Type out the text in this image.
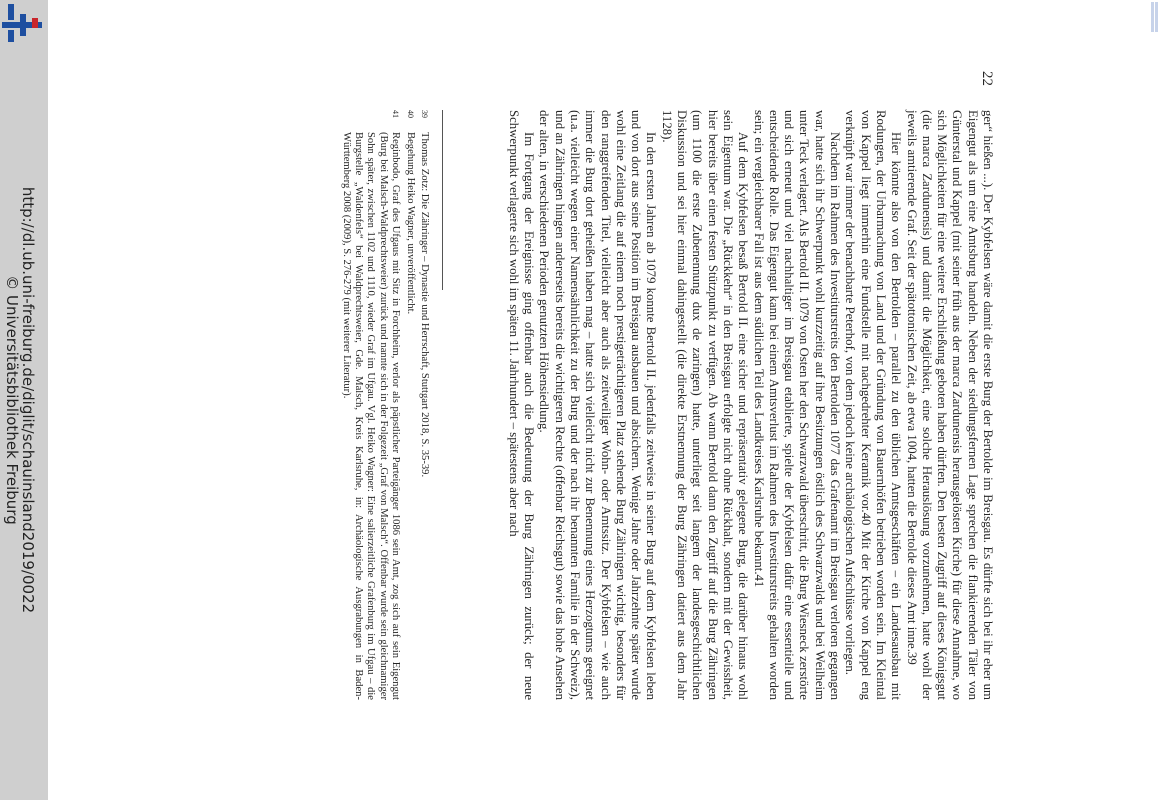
http://dl.ub.uni-freiburg.de/diglit/schauinsland2019/0022
© Universitätsbibliothek Freiburg
22

ger“ hießen ...). Der Kybfelsen wäre damit die erste Burg der Bertolde im Breisgau. Es dürfte sich bei ihr eher um Eigengut als um eine Amtsburg handeln. Neben der siedlungsfernen Lage sprechen die flankierenden Täler von Günterstal und Kappel (mit seiner früh aus der marca Zardunensis herausgelösten Kirche) für diese Annahme, wo sich Möglichkeiten für eine weitere Erschließung geboten haben dürften. Den besten Zugriff auf dieses Königsgut (die marca Zardunensis) und damit die Möglichkeit, eine solche Herauslösung vorzunehmen, hatte wohl der jeweils amtierende Graf. Seit der spätottonischen Zeit, ab etwa 1004, hatten die Bertolde dieses Amt inne.39

Hier könnte also von den Bertolden – parallel zu den üblichen Amtsgeschäften – ein Landesausbau mit Rodungen, der Urbarmachung von Land und der Gründung von Bauernhöfen betrieben worden sein. Im Kleintal von Kappel liegt immerhin eine Fundstelle mit nachgedrehter Keramik vor.40 Mit der Kirche von Kappel eng verknüpft war immer der benachbarte Peterhof, von dem jedoch keine archäologischen Aufschlüsse vorliegen.

Nachdem im Rahmen des Investiturstreits den Bertolden 1077 das Grafenamt im Breisgau verloren gegangen war, hatte sich ihr Schwerpunkt wohl kurzzeitig auf ihre Besitzungen östlich des Schwarzwalds und bei Weilheim unter Teck verlagert. Als Bertold II. 1079 von Osten her den Schwarzwald überschritt, die Burg Wiesneck zerstörte und sich erneut und viel nachhaltiger im Breisgau etablierte, spielte der Kybfelsen dafür eine essentielle und entscheidende Rolle. Das Eigengut kann bei einem Amtsverlust im Rahmen des Investiturstreits gehalten worden sein; ein vergleichbarer Fall ist aus dem südlichen Teil des Landkreises Karlsruhe bekannt.41

Auf dem Kybfelsen besaß Bertold II. eine sicher und repräsentativ gelegene Burg, die darüber hinaus wohl sein Eigentum war. Die „Rückkehr“ in den Breisgau erfolgte nicht ohne Rückhalt, sondern mit der Gewissheit, hier bereits über einen festen Stützpunkt zu verfügen. Ab wann Bertold dann den Zugriff auf die Burg Zähringen (um 1100 die erste Zubenennung dux de zaringen) hatte, unterliegt seit langem der landesgeschichtlichen Diskussion und sei hier einmal dahingestellt (die direkte Erstnennung der Burg Zähringen datiert aus dem Jahr 1128).

In den ersten Jahren ab 1079 konnte Bertold II. jedenfalls zeitweise in seiner Burg auf dem Kybfelsen leben und von dort aus seine Position im Breisgau ausbauen und absichern. Wenige Jahre oder Jahrzehnte später wurde wohl eine Zeitlang die auf einem noch prestigeträchtigeren Platz stehende Burg Zähringen wichtig, besonders für den ranggreifenden Titel, vielleicht aber auch als zeitweiliger Wohn- oder Amtssitz. Der Kybfelsen – wie auch immer die Burg dort geheißen haben mag – hatte sich vielleicht nicht zur Benennung eines Herzogtums geeignet (u.a. vielleicht wegen einer Namensähnlichkeit zu der Burg und der nach ihr benannten Familie in der Schweiz), und an Zähringen hingen andererseits bereits die wichtigeren Rechte (offenbar Reichsgut) sowie das hohe Ansehen der alten, in verschiedenen Perioden genutzten Höhensiedlung.

Im Fortgang der Ereignisse ging offenbar auch die Bedeutung der Burg Zähringen zurück; der neue Schwerpunkt verlagerte sich wohl im späten 11. Jahrhundert – spätestens aber nach

39
Thomas Zotz: Die Zähringer – Dynastie und Herrschaft, Stuttgart 2018, S. 35-39.
40
Begehung Heiko Wagner, unveröffentlicht.
41
Reginbodo, Graf des Ufgaus mit Sitz in Forchheim, verlor als päpstlicher Parteigänger 1086 sein Amt, zog sich auf sein Eigengut (Burg bei Malsch-Waldprechtsweier) zurück und nannte sich in der Folgezeit „Graf von Malsch“. Offenbar wurde sein gleichnamiger Sohn später, zwischen 1102 und 1110, wieder Graf im Ufgau. Vgl. Heiko Wagner: Eine salierzeitliche Grafenburg im Ufgau – die Burgstelle „Waldenfels“ bei Waldprechtsweier, Gde. Malsch, Kreis Karlsruhe, in: Archäologische Ausgrabungen in Baden-Württemberg 2008 (2009), S. 276-279 (mit weiterer Literatur).
